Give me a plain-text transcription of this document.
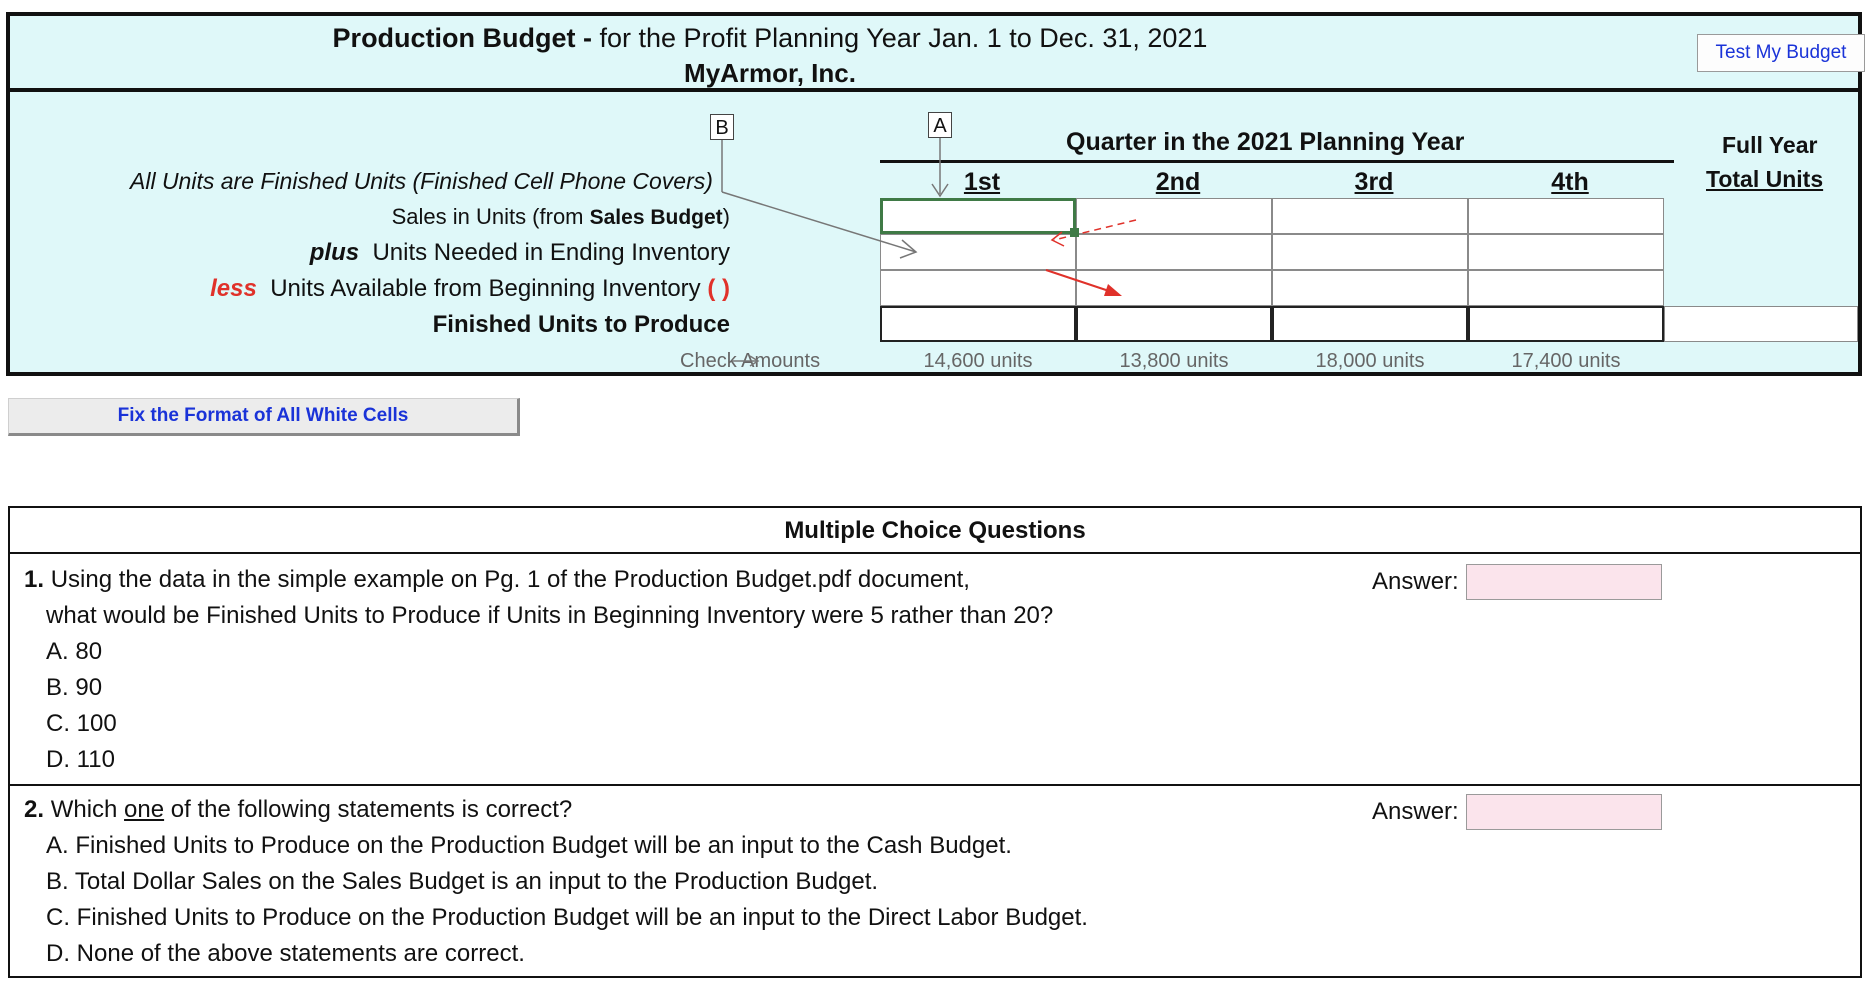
Production Budget - for the Profit Planning Year Jan. 1 to Dec. 31, 2021
MyArmor, Inc.
Test My Budget
B	A
Quarter in the 2021 Planning Year	Full Year
Total Units
All Units are Finished Units (Finished Cell Phone Covers)	1st	2nd	3rd	4th
Sales in Units (from Sales Budget)
plus Units Needed in Ending Inventory
less Units Available from Beginning Inventory ( )
Finished Units to Produce
Check Amounts	14,600 units	13,800 units	18,000 units	17,400 units
Fix the Format of All White Cells
Multiple Choice Questions
1. Using the data in the simple example on Pg. 1 of the Production Budget.pdf document,
what would be Finished Units to Produce if Units in Beginning Inventory were 5 rather than 20?
A. 80
B. 90
C. 100
D. 110
Answer:
2. Which one of the following statements is correct?
A. Finished Units to Produce on the Production Budget will be an input to the Cash Budget.
B. Total Dollar Sales on the Sales Budget is an input to the Production Budget.
C. Finished Units to Produce on the Production Budget will be an input to the Direct Labor Budget.
D. None of the above statements are correct.
Answer:
